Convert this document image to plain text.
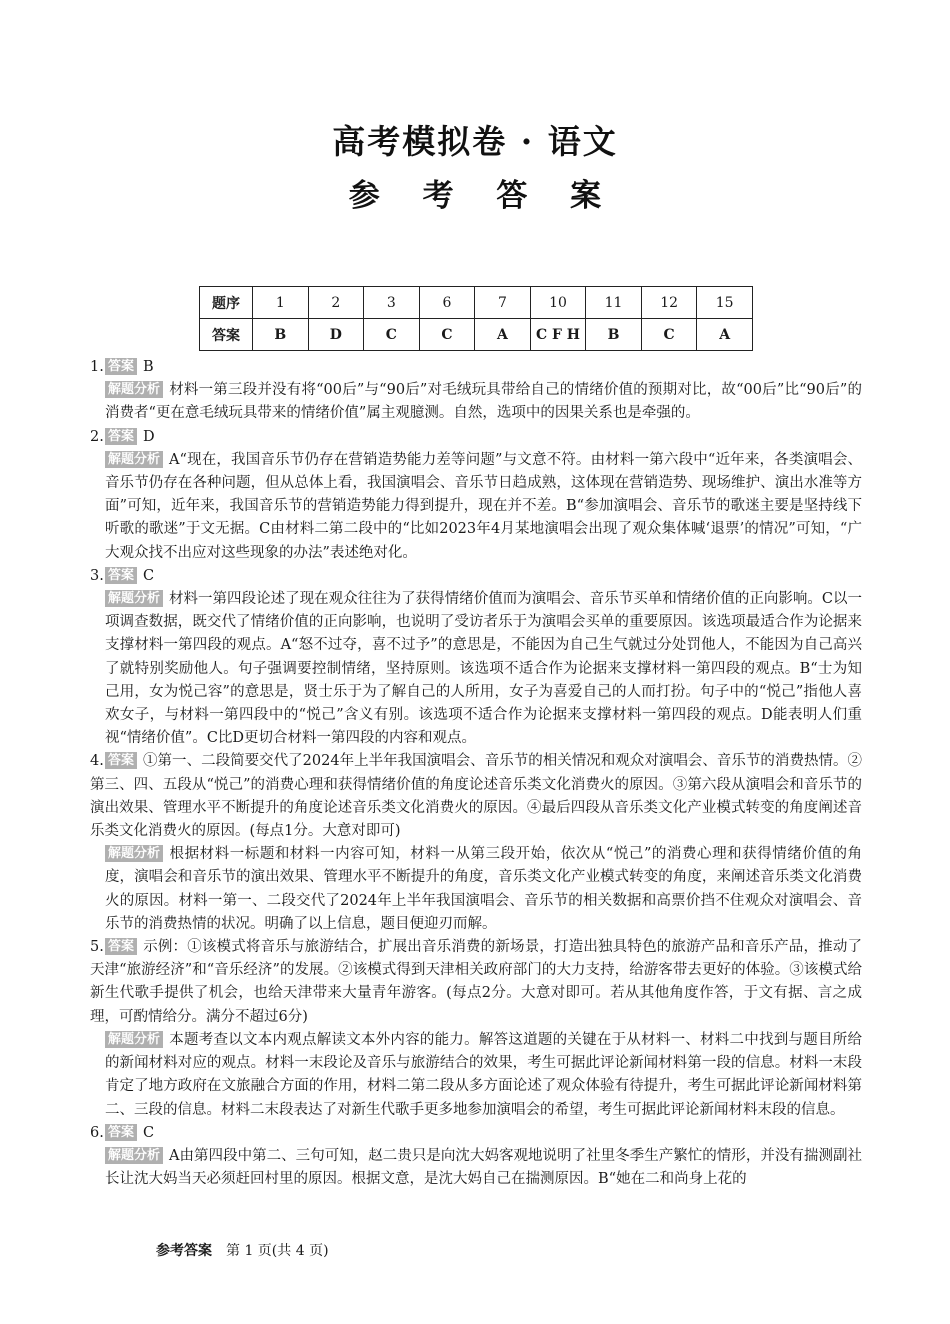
高考模拟卷 · 语文
参 考 答 案
题序	1	2	3	6	7	10	11	12	15
答案	B	D	C	C	A	C F H	B	C	A
1. 答案 B
解题分析 材料一第三段并没有将“00后”与“90后”对毛绒玩具带给自己的情绪价值的预期对比，故“00后”比“90后”的消费者“更在意毛绒玩具带来的情绪价值”属主观臆测。自然，选项中的因果关系也是牵强的。
2. 答案 D
解题分析 A“现在，我国音乐节仍存在营销造势能力差等问题”与文意不符。由材料一第六段中“近年来，各类演唱会、音乐节仍存在各种问题，但从总体上看，我国演唱会、音乐节日趋成熟，这体现在营销造势、现场维护、演出水准等方面”可知，近年来，我国音乐节的营销造势能力得到提升，现在并不差。B“参加演唱会、音乐节的歌迷主要是坚持线下听歌的歌迷”于文无据。C由材料二第二段中的“比如2023年4月某地演唱会出现了观众集体喊‘退票’的情况”可知，“广大观众找不出应对这些现象的办法”表述绝对化。
3. 答案 C
解题分析 材料一第四段论述了现在观众往往为了获得情绪价值而为演唱会、音乐节买单和情绪价值的正向影响。C以一项调查数据，既交代了情绪价值的正向影响，也说明了受访者乐于为演唱会买单的重要原因。该选项最适合作为论据来支撑材料一第四段的观点。A“怒不过夺，喜不过予”的意思是，不能因为自己生气就过分处罚他人，不能因为自己高兴了就特别奖励他人。句子强调要控制情绪，坚持原则。该选项不适合作为论据来支撑材料一第四段的观点。B“士为知己用，女为悦己容”的意思是，贤士乐于为了解自己的人所用，女子为喜爱自己的人而打扮。句子中的“悦己”指他人喜欢女子，与材料一第四段中的“悦己”含义有别。该选项不适合作为论据来支撑材料一第四段的观点。D能表明人们重视“情绪价值”。C比D更切合材料一第四段的内容和观点。
4. 答案 ①第一、二段简要交代了2024年上半年我国演唱会、音乐节的相关情况和观众对演唱会、音乐节的消费热情。②第三、四、五段从“悦己”的消费心理和获得情绪价值的角度论述音乐类文化消费火的原因。③第六段从演唱会和音乐节的演出效果、管理水平不断提升的角度论述音乐类文化消费火的原因。④最后四段从音乐类文化产业模式转变的角度阐述音乐类文化消费火的原因。(每点1分。大意对即可)
解题分析 根据材料一标题和材料一内容可知，材料一从第三段开始，依次从“悦己”的消费心理和获得情绪价值的角度，演唱会和音乐节的演出效果、管理水平不断提升的角度，音乐类文化产业模式转变的角度，来阐述音乐类文化消费火的原因。材料一第一、二段交代了2024年上半年我国演唱会、音乐节的相关数据和高票价挡不住观众对演唱会、音乐节的消费热情的状况。明确了以上信息，题目便迎刃而解。
5. 答案 示例：①该模式将音乐与旅游结合，扩展出音乐消费的新场景，打造出独具特色的旅游产品和音乐产品，推动了天津“旅游经济”和“音乐经济”的发展。②该模式得到天津相关政府部门的大力支持，给游客带去更好的体验。③该模式给新生代歌手提供了机会，也给天津带来大量青年游客。(每点2分。大意对即可。若从其他角度作答，于文有据、言之成理，可酌情给分。满分不超过6分)
解题分析 本题考查以文本内观点解读文本外内容的能力。解答这道题的关键在于从材料一、材料二中找到与题目所给的新闻材料对应的观点。材料一末段论及音乐与旅游结合的效果，考生可据此评论新闻材料第一段的信息。材料一末段肯定了地方政府在文旅融合方面的作用，材料二第二段从多方面论述了观众体验有待提升，考生可据此评论新闻材料第二、三段的信息。材料二末段表达了对新生代歌手更多地参加演唱会的希望，考生可据此评论新闻材料末段的信息。
6. 答案 C
解题分析 A由第四段中第二、三句可知，赵二贵只是向沈大妈客观地说明了社里冬季生产繁忙的情形，并没有揣测副社长让沈大妈当天必须赶回村里的原因。根据文意，是沈大妈自己在揣测原因。B“她在二和尚身上花的
参考答案 第 1 页(共 4 页)
